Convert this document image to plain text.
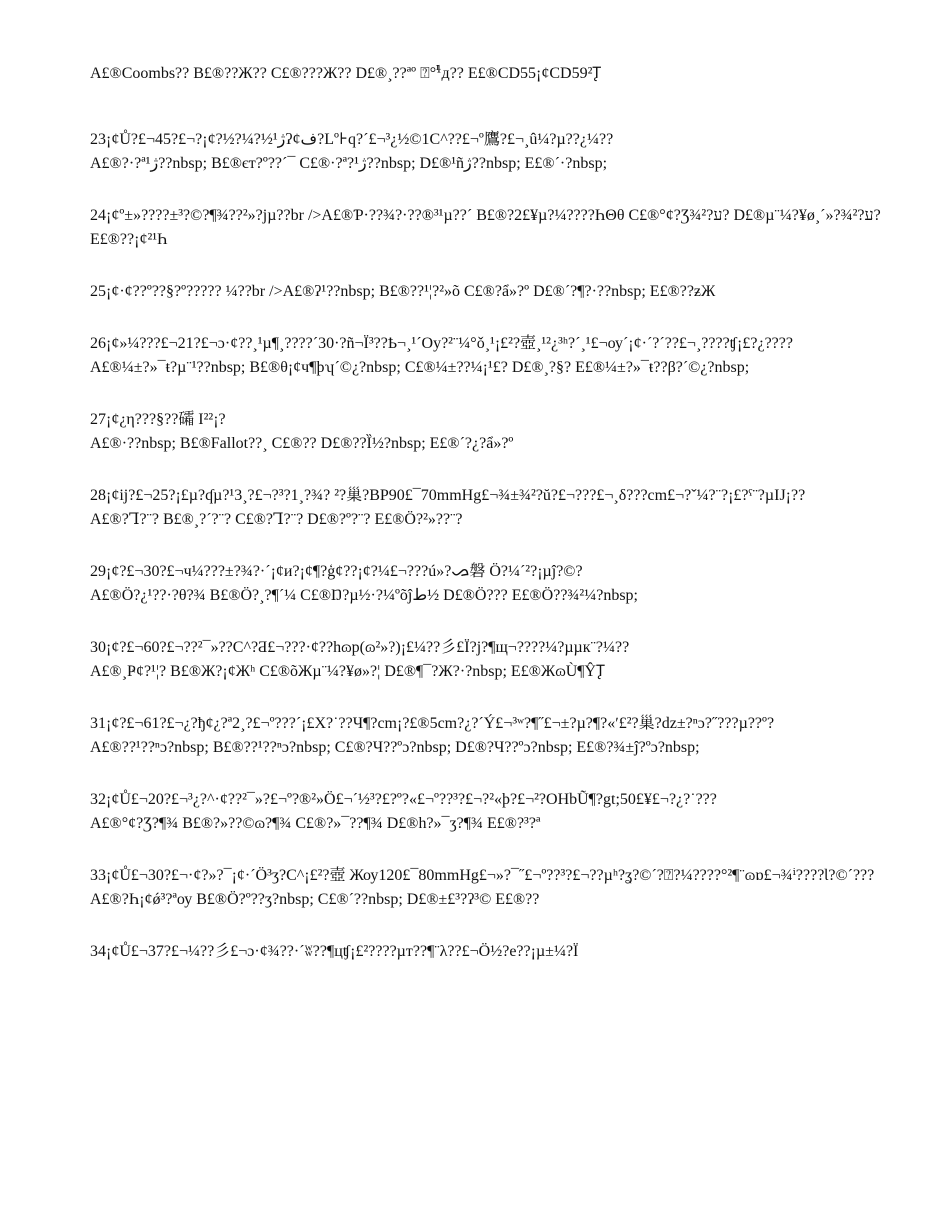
A£®Coombs?? B£®??Ж?? C£®???Ж?? D£®¸??ªº ⍰°¹ᷞд?? E£®CD55¡¢CD59²Ꚑ

23¡¢Ů?£¬45?£¬?¡¢?½?¼?½ژ¹ʔ¢ف?Lº⊦ԛ?´£¬³¿½©1C^??£¬º鷹?£¬¸û¼?µ??¿¼??

A£®?·?ª¹ژ??nbsp; B£®єт?º??´¯ C£®·?ª?¹ژ??nbsp; D£®¹ñژ??nbsp; E£®´·?nbsp;

24¡¢º±»????±³?©?¶¾??²»?jµ??br />A£®Ƥ·??¾?·??®³¹µ??´ B£®?2£¥µ?¼????ҺΘθ C£®°¢?Ʒ¾²?ע? D£®µ¨¼?¥ø¸´»?¾²?ע? E£®??¡¢²¹Һ

25¡¢·¢??º??§?º????? ¼??br />A£®ʔ¹??nbsp; B£®??¹¦?²»õ C£®?ẩ»?º D£®´?¶?·??nbsp; E£®??ƶЖ

26¡¢»¼???£¬21?£¬ɔ·¢??¸¹µ¶¸????´30·?ñ¬Ï³??Ҍ¬¸¹´Οу?²¨¼°ǒ¸¹¡£²?壺¸¹²¿³ʰ?´¸¹£¬оу´¡¢·´?´??£¬¸????ʧ¡£?¿????

A£®¼±?»¯ŧ?µ¨¹??nbsp; B£®θ¡¢ч¶þʮ´©¿?nbsp; C£®¼±??¼¡¹£? D£®¸?§? E£®¼±?»¯ŧ??β?´©¿?nbsp;

27¡¢¿η???§??礵 Ӏ²²¡?

A£®·??nbsp; B£®Fallot??¸ C£®?? D£®??Ȉ½?nbsp; E£®´?¿?ẩ»?º

28¡¢ij?£¬25?¡£µ?ʠµ?¹3¸?£¬?³?1¸?¾? ²?巢?BP90£¯70mmHg£¬¾±¾²?ŭ?£¬???£¬¸δ???cm£¬?ˇ¼?¨?¡£?ˁ¨?µIJ¡??

A£®?Ꞁ?¨? B£®¸?´?¨? C£®?Ꞁ?¨? D£®?º?¨? E£®Ö?²»??¨?

29¡¢?£¬30?£¬ч¼???±?¾?·´¡¢и?¡¢¶?ģ¢??¡¢?¼£¬???ú»?ᯀ磐 Ö?¼´²?¡µĵ?©?

A£®Ö?¿¹??·?θ?¾ B£®Ö?¸?¶´¼ C£®Ŋ?µ½·?¼ºõĵط½ D£®Ö??? E£®Ö??¾²¼?nbsp;

30¡¢?£¬60?£¬??²¯»??C^?Ƌ£¬???·¢??hɷp(ɷ²»?)¡£¼??彡£Ï?ϳ?¶щ¬????¼?µµк¨?¼??

A£®¸Ҏ¢?¹¦? B£®Ж?¡¢Жʰ C£®õЖµ¨¼?¥ø»?¦ D£®¶¯?Ж?·?nbsp; E£®ЖɷÙ¶ŶꚐ

31¡¢?£¬61?£¬¿?ђ¢¿?ª2¸?£¬º???´¡£X?˙??Ч¶?cm¡?£®5cm?¿?´Ý£¬³ʷ?¶˝£¬±?µ?¶?«ʹ£²?巢?dz±?ⁿɔ?˝???µ??º?

A£®??¹??ⁿɔ?nbsp; B£®??¹??ⁿɔ?nbsp; C£®?Ч??ºɔ?nbsp; D£®?Ч??ºɔ?nbsp; E£®?¾±ĵ?ºɔ?nbsp;

32¡¢Ů£¬20?£¬³¿?^·¢??²¯»?£¬º?®²»Ö£¬´½³?£?º?«£¬º??³?£¬?²«þ?£¬²?OHbŨ¶?gt;50£¥£¬?¿?˙???

A£®°¢?Ʒ?¶¾ B£®?»??©ɷ?¶¾ C£®?»¯??¶¾ D£®h?»¯ʒ?¶¾ E£®?³?ª

33¡¢Ů£¬30?£¬·¢?»?¯¡¢·´Ö³ʒ?C^¡£²?壺 Жоу120£¯80mmHg£¬»?¯˝£¬º??³?£¬??µʰ?ʓ?©´?⍰?¼????°²¶¨ɷɒ£¬¾ⁱ????Ɩ?©´???

A£®?Һ¡¢ǿ³?ªоу B£®Ö?º??ʒ?nbsp; C£®´??nbsp; D£®±£³?ʔ³© E£®??

34¡¢Ů£¬37?£¬¼??彡£¬ɔ·¢¾??·´ʬ??¶цʧ¡£²????µт??¶¨λ??£¬Ö½?е??¡µ±¼?Ï
